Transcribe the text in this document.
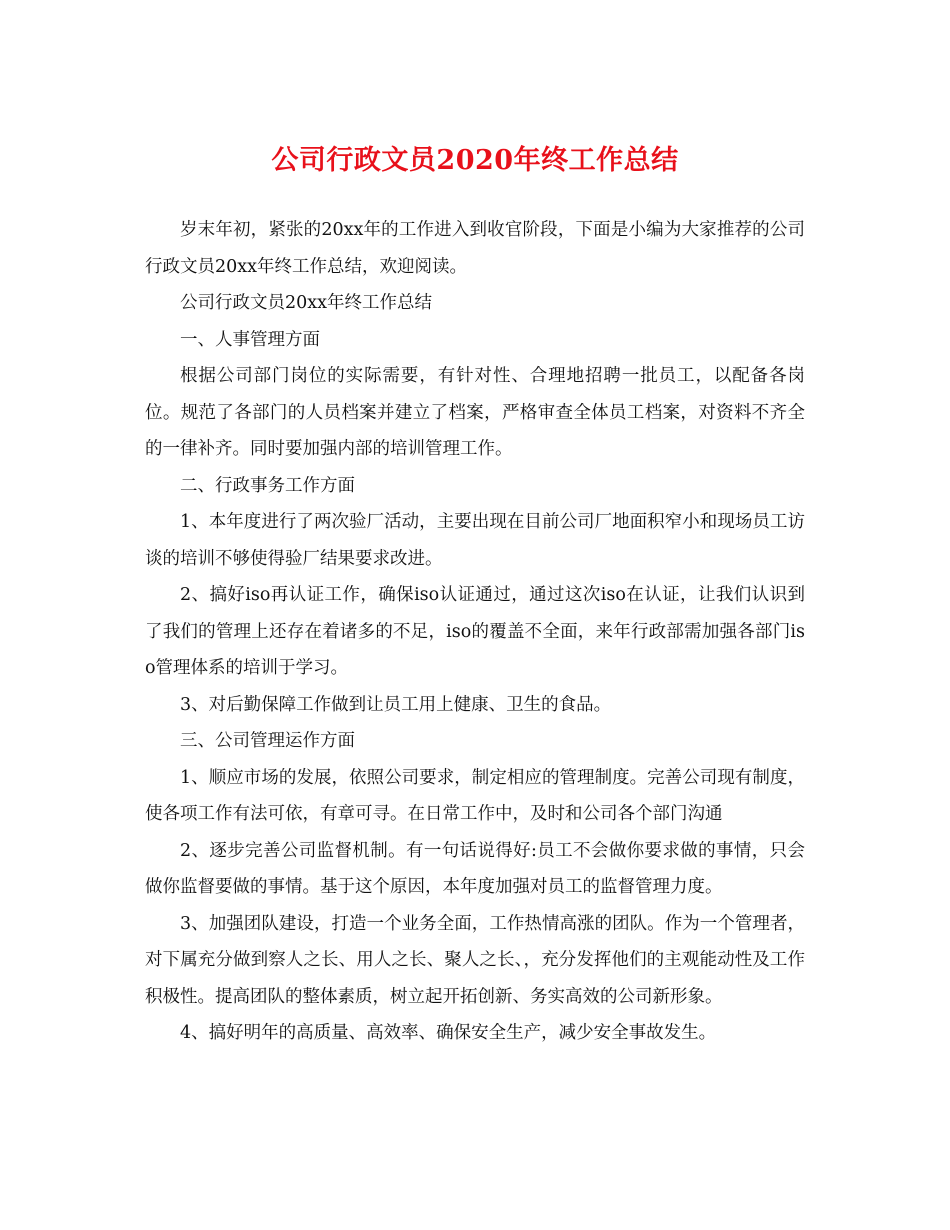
公司行政文员2020年终工作总结

岁末年初，紧张的20xx年的工作进入到收官阶段，下面是小编为大家推荐的公司行政文员20xx年终工作总结，欢迎阅读。

公司行政文员20xx年终工作总结

一、人事管理方面

根据公司部门岗位的实际需要，有针对性、合理地招聘一批员工，以配备各岗位。规范了各部门的人员档案并建立了档案，严格审查全体员工档案，对资料不齐全的一律补齐。同时要加强内部的培训管理工作。

二、行政事务工作方面

1、本年度进行了两次验厂活动，主要出现在目前公司厂地面积窄小和现场员工访谈的培训不够使得验厂结果要求改进。

2、搞好iso再认证工作，确保iso认证通过，通过这次iso在认证，让我们认识到了我们的管理上还存在着诸多的不足，iso的覆盖不全面，来年行政部需加强各部门iso管理体系的培训于学习。

3、对后勤保障工作做到让员工用上健康、卫生的食品。

三、公司管理运作方面

1、顺应市场的发展，依照公司要求，制定相应的管理制度。完善公司现有制度，使各项工作有法可依，有章可寻。在日常工作中，及时和公司各个部门沟通

2、逐步完善公司监督机制。有一句话说得好:员工不会做你要求做的事情，只会做你监督要做的事情。基于这个原因，本年度加强对员工的监督管理力度。

3、加强团队建设，打造一个业务全面，工作热情高涨的团队。作为一个管理者，对下属充分做到察人之长、用人之长、聚人之长、，充分发挥他们的主观能动性及工作积极性。提高团队的整体素质，树立起开拓创新、务实高效的公司新形象。

4、搞好明年的高质量、高效率、确保安全生产，减少安全事故发生。
